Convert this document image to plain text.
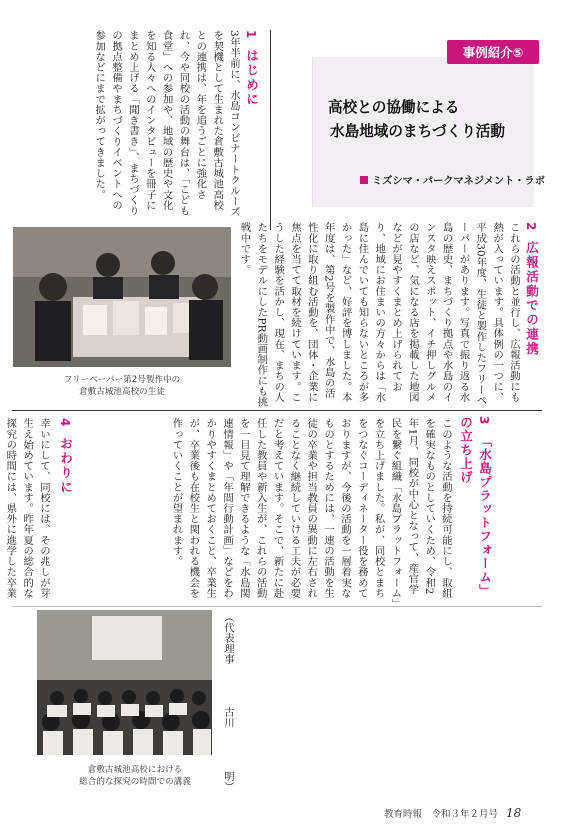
事例紹介⑤
高校との協働による
水島地域のまちづくり活動
ミズシマ・パークマネジメント・ラボ
1はじめに
3年半前に、水島コンビナートクルーズを契機として生まれた倉敷古城池高校との連携は、年を追うごとに強化され、今や同校の活動の舞台は、「こども食堂」への参加や、地域の歴史や文化を知る人々へのインタビューを冊子にまとめ上げる「聞き書き」、まちづくりの拠点整備やまちづくりイベントへの参加などにまで拡がってきました。
2広報活動での連携
これらの活動と並行し、広報活動にも熱が入っています。具体例の一つに、平成30年度、生徒と製作したフリーペーパーがあります。写真で振り返る水島の歴史、まちづくり拠点や水島のインスタ映えスポット、イチ押しグルメの店など、気になる店を掲載した地図などが見やすくまとめ上げられており、地域にお住まいの方々からは「水島に住んでいても知らないところが多かった」など、好評を博しました。本年度は、第2号を製作中で、水島の活性化に取り組む活動を、団体・企業に焦点を当てて取材を続けています。こうした経験を活かし、現在、まちの人たちをモデルにしたPR動画制作にも挑戦中です。
フリーペーパー第2号製作中の
倉敷古城池高校の生徒
3「水島プラットフォーム」の立ち上げ
このような活動を持続可能にし、取組を確実なものとしていくため、令和2年1月、同校が中心となって、産官学民を繋ぐ組織「水島プラットフォーム」を立ち上げました。私が、同校とまちをつなぐコーディネーター役を務めておりますが、今後の活動を一層着実なものとするためには、一連の活動を生徒の卒業や担当教員の異動に左右されることなく継続していける工夫が必要だと考えています。そこで、新たに赴任した教員や新入生が、これらの活動を一目見て理解できるような「水島関連情報」や「年間行動計画」などをわかりやすくまとめておくこと、卒業生が、卒業後も在校生と関われる機会を作っていくことが望まれます。
4おわりに
幸いにして、同校には、その兆しが芽生え始めています。昨年夏の総合的な探究の時間には、県外に進学した卒業
倉敷古城池高校における
総合的な探究の時間での講義
（代表理事
古川
明）
教育時報　令和３年２月号 18
